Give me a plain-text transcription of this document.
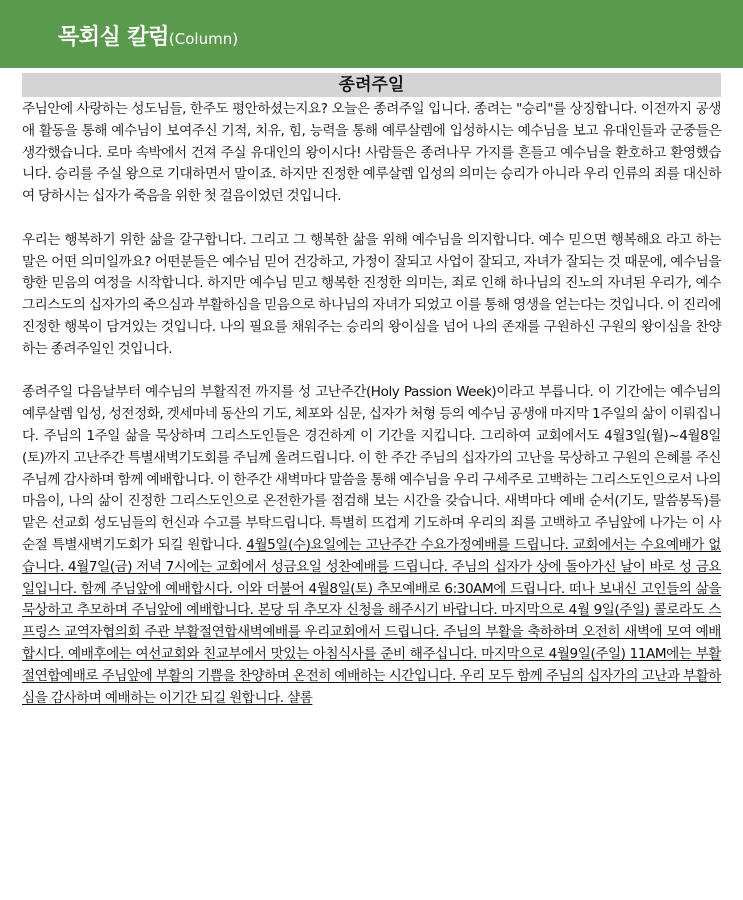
목회실 칼럼(Column)
종려주일

주님안에 사랑하는 성도님들, 한주도 평안하셨는지요? 오늘은 종려주일 입니다. 종려는 "승리"를 상징합니다. 이전까지 공생애 활동을 통해 예수님이 보여주신 기적, 치유, 힘, 능력을 통해 예루살렘에 입성하시는 예수님을 보고 유대인들과 군중들은 생각했습니다. 로마 속박에서 건져 주실 유대인의 왕이시다! 사람들은 종려나무 가지를 흔들고 예수님을 환호하고 환영했습니다. 승리를 주실 왕으로 기대하면서 말이죠. 하지만 진정한 예루살렘 입성의 의미는 승리가 아니라 우리 인류의 죄를 대신하여 당하시는 십자가 죽음을 위한 첫 걸음이었던 것입니다.

우리는 행복하기 위한 삶을 갈구합니다. 그리고 그 행복한 삶을 위해 예수님을 의지합니다. 예수 믿으면 행복해요 라고 하는 말은 어떤 의미일까요? 어떤분들은 예수님 믿어 건강하고, 가정이 잘되고 사업이 잘되고, 자녀가 잘되는 것 때문에, 예수님을 향한 믿음의 여정을 시작합니다. 하지만 예수님 믿고 행복한 진정한 의미는, 죄로 인해 하나님의 진노의 자녀된 우리가, 예수 그리스도의 십자가의 죽으심과 부활하심을 믿음으로 하나님의 자녀가 되었고 이를 통해 영생을 얻는다는 것입니다. 이 진리에 진정한 행복이 담겨있는 것입니다. 나의 필요를 채워주는 승리의 왕이심을 넘어 나의 존재를 구원하신 구원의 왕이심을 찬양하는 종려주일인 것입니다.

종려주일 다음날부터 예수님의 부활직전 까지를 성 고난주간(Holy Passion Week)이라고 부릅니다. 이 기간에는 예수님의 예루살렘 입성, 성전정화, 겟세마네 동산의 기도, 체포와 심문, 십자가 처형 등의 예수님 공생애 마지막 1주일의 삶이 이뤄집니다. 주님의 1주일 삶을 묵상하며 그리스도인들은 경건하게 이 기간을 지킵니다. 그리하여 교회에서도 4월3일(월)~4월8일(토)까지 고난주간 특별새벽기도회를 주님께 올려드립니다. 이 한 주간 주님의 십자가의 고난을 묵상하고 구원의 은혜를 주신 주님께 감사하며 함께 예배합니다. 이 한주간 새벽마다 말씀을 통해 예수님을 우리 구세주로 고백하는 그리스도인으로서 나의 마음이, 나의 삶이 진정한 그리스도인으로 온전한가를 점검해 보는 시간을 갖습니다. 새벽마다 예배 순서(기도, 말씀봉독)를 맡은 선교회 성도님들의 헌신과 수고를 부탁드립니다. 특별히 뜨겁게 기도하며 우리의 죄를 고백하고 주님앞에 나가는 이 사순절 특별새벽기도회가 되길 원합니다. 4월5일(수)요일에는 고난주간 수요가정예배를 드립니다. 교회에서는 수요예배가 없습니다. 4월7일(금) 저녁 7시에는 교회에서 성금요일 성찬예배를 드립니다. 주님의 십자가 상에 돌아가신 날이 바로 성 금요일입니다. 함께 주님앞에 예배합시다. 이와 더불어 4월8일(토) 추모예배로 6:30AM에 드립니다. 떠나 보내신 고인들의 삶을 묵상하고 추모하며 주님앞에 예배합니다. 본당 뒤 추모자 신청을 해주시기 바랍니다. 마지막으로 4월 9일(주일) 콜로라도 스프링스 교역자협의회 주관 부활절연합새벽예배를 우리교회에서 드립니다. 주님의 부활을 축하하며 오전히 새벽에 모여 예배합시다. 예배후에는 여선교회와 친교부에서 맛있는 아침식사를 준비 해주십니다. 마지막으로 4월9일(주일) 11AM에는 부활절연합예배로 주님앞에 부활의 기쁨을 찬양하며 온전히 예배하는 시간입니다. 우리 모두 함께 주님의 십자가의 고난과 부활하심을 감사하며 예배하는 이기간 되길 원합니다. 샬롬
